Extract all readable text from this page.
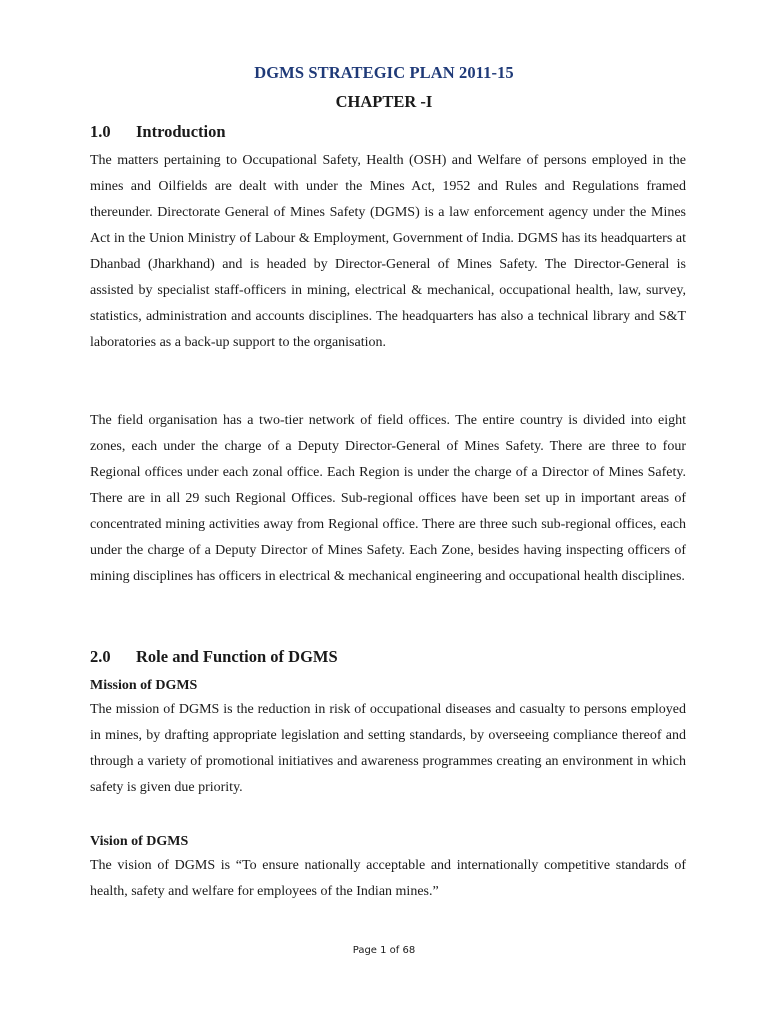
DGMS STRATEGIC PLAN 2011-15
CHAPTER -I
1.0 Introduction

The matters pertaining to Occupational Safety, Health (OSH) and Welfare of persons employed in the mines and Oilfields are dealt with under the Mines Act, 1952 and Rules and Regulations framed thereunder. Directorate General of Mines Safety (DGMS) is a law enforcement agency under the Mines Act in the Union Ministry of Labour & Employment, Government of India. DGMS has its headquarters at Dhanbad (Jharkhand) and is headed by Director-General of Mines Safety. The Director-General is assisted by specialist staff-officers in mining, electrical & mechanical, occupational health, law, survey, statistics, administration and accounts disciplines. The headquarters has also a technical library and S&T laboratories as a back-up support to the organisation.

The field organisation has a two-tier network of field offices. The entire country is divided into eight zones, each under the charge of a Deputy Director-General of Mines Safety. There are three to four Regional offices under each zonal office. Each Region is under the charge of a Director of Mines Safety. There are in all 29 such Regional Offices. Sub-regional offices have been set up in important areas of concentrated mining activities away from Regional office. There are three such sub-regional offices, each under the charge of a Deputy Director of Mines Safety. Each Zone, besides having inspecting officers of mining disciplines has officers in electrical & mechanical engineering and occupational health disciplines.

2.0 Role and Function of DGMS
Mission of DGMS

The mission of DGMS is the reduction in risk of occupational diseases and casualty to persons employed in mines, by drafting appropriate legislation and setting standards, by overseeing compliance thereof and through a variety of promotional initiatives and awareness programmes creating an environment in which safety is given due priority.

Vision of DGMS

The vision of DGMS is “To ensure nationally acceptable and internationally competitive standards of health, safety and welfare for employees of the Indian mines.”

Page 1 of 68
